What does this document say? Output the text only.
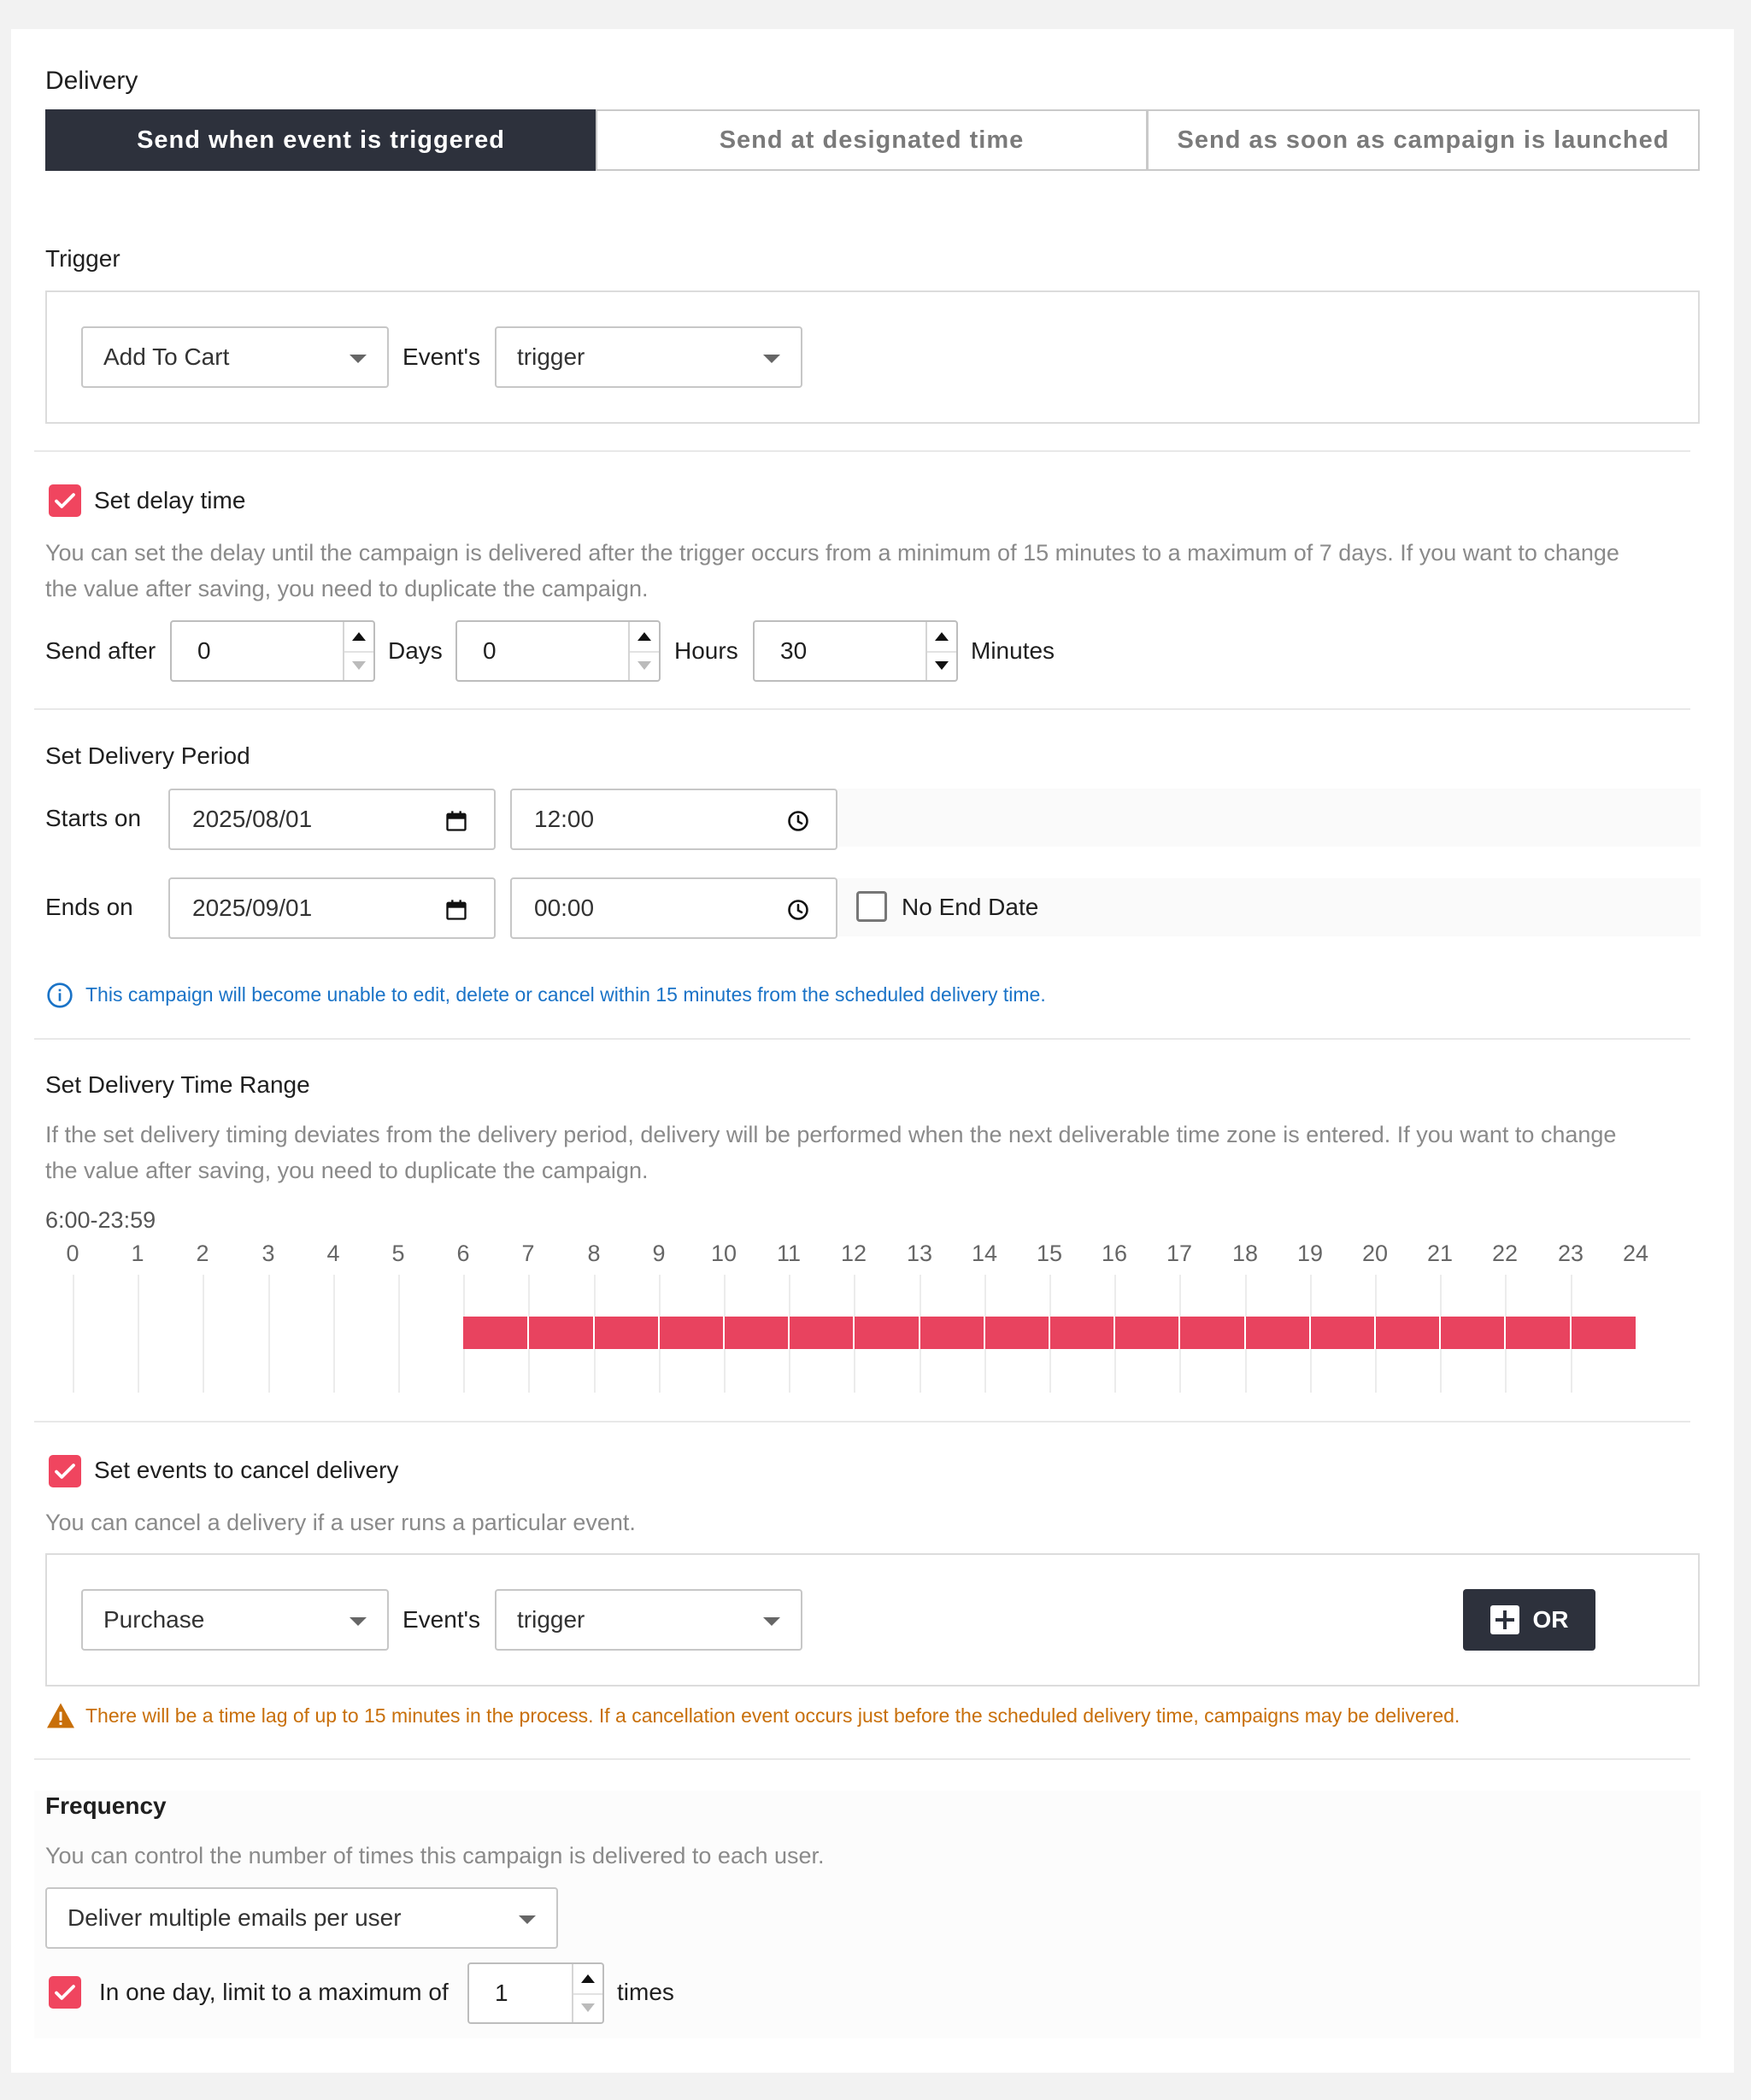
Delivery
Send when event is triggered	Send at designated time	Send as soon as campaign is launched
Trigger
Add To Cart	Event's trigger
Set delay time
You can set the delay until the campaign is delivered after the trigger occurs from a minimum of 15 minutes to a maximum of 7 days. If you want to change
the value after saving, you need to duplicate the campaign.
Send after 0	Days 0	Hours 30	Minutes
Set Delivery Period
Starts on 2025/08/01	12:00
Ends on 2025/09/01	00:00	No End Date
This campaign will become unable to edit, delete or cancel within 15 minutes from the scheduled delivery time.
Set Delivery Time Range
If the set delivery timing deviates from the delivery period, delivery will be performed when the next deliverable time zone is entered. If you want to change
the value after saving, you need to duplicate the campaign.
6:00-23:59
0	1	2	3	4	5	6	7	8	9	10	11	12	13	14	15	16	17	18	19	20	21	22	23	24
Set events to cancel delivery
You can cancel a delivery if a user runs a particular event.
Purchase	Event's trigger	OR
There will be a time lag of up to 15 minutes in the process. If a cancellation event occurs just before the scheduled delivery time, campaigns may be delivered.
Frequency
You can control the number of times this campaign is delivered to each user.
Deliver multiple emails per user
In one day, limit to a maximum of 1	times
